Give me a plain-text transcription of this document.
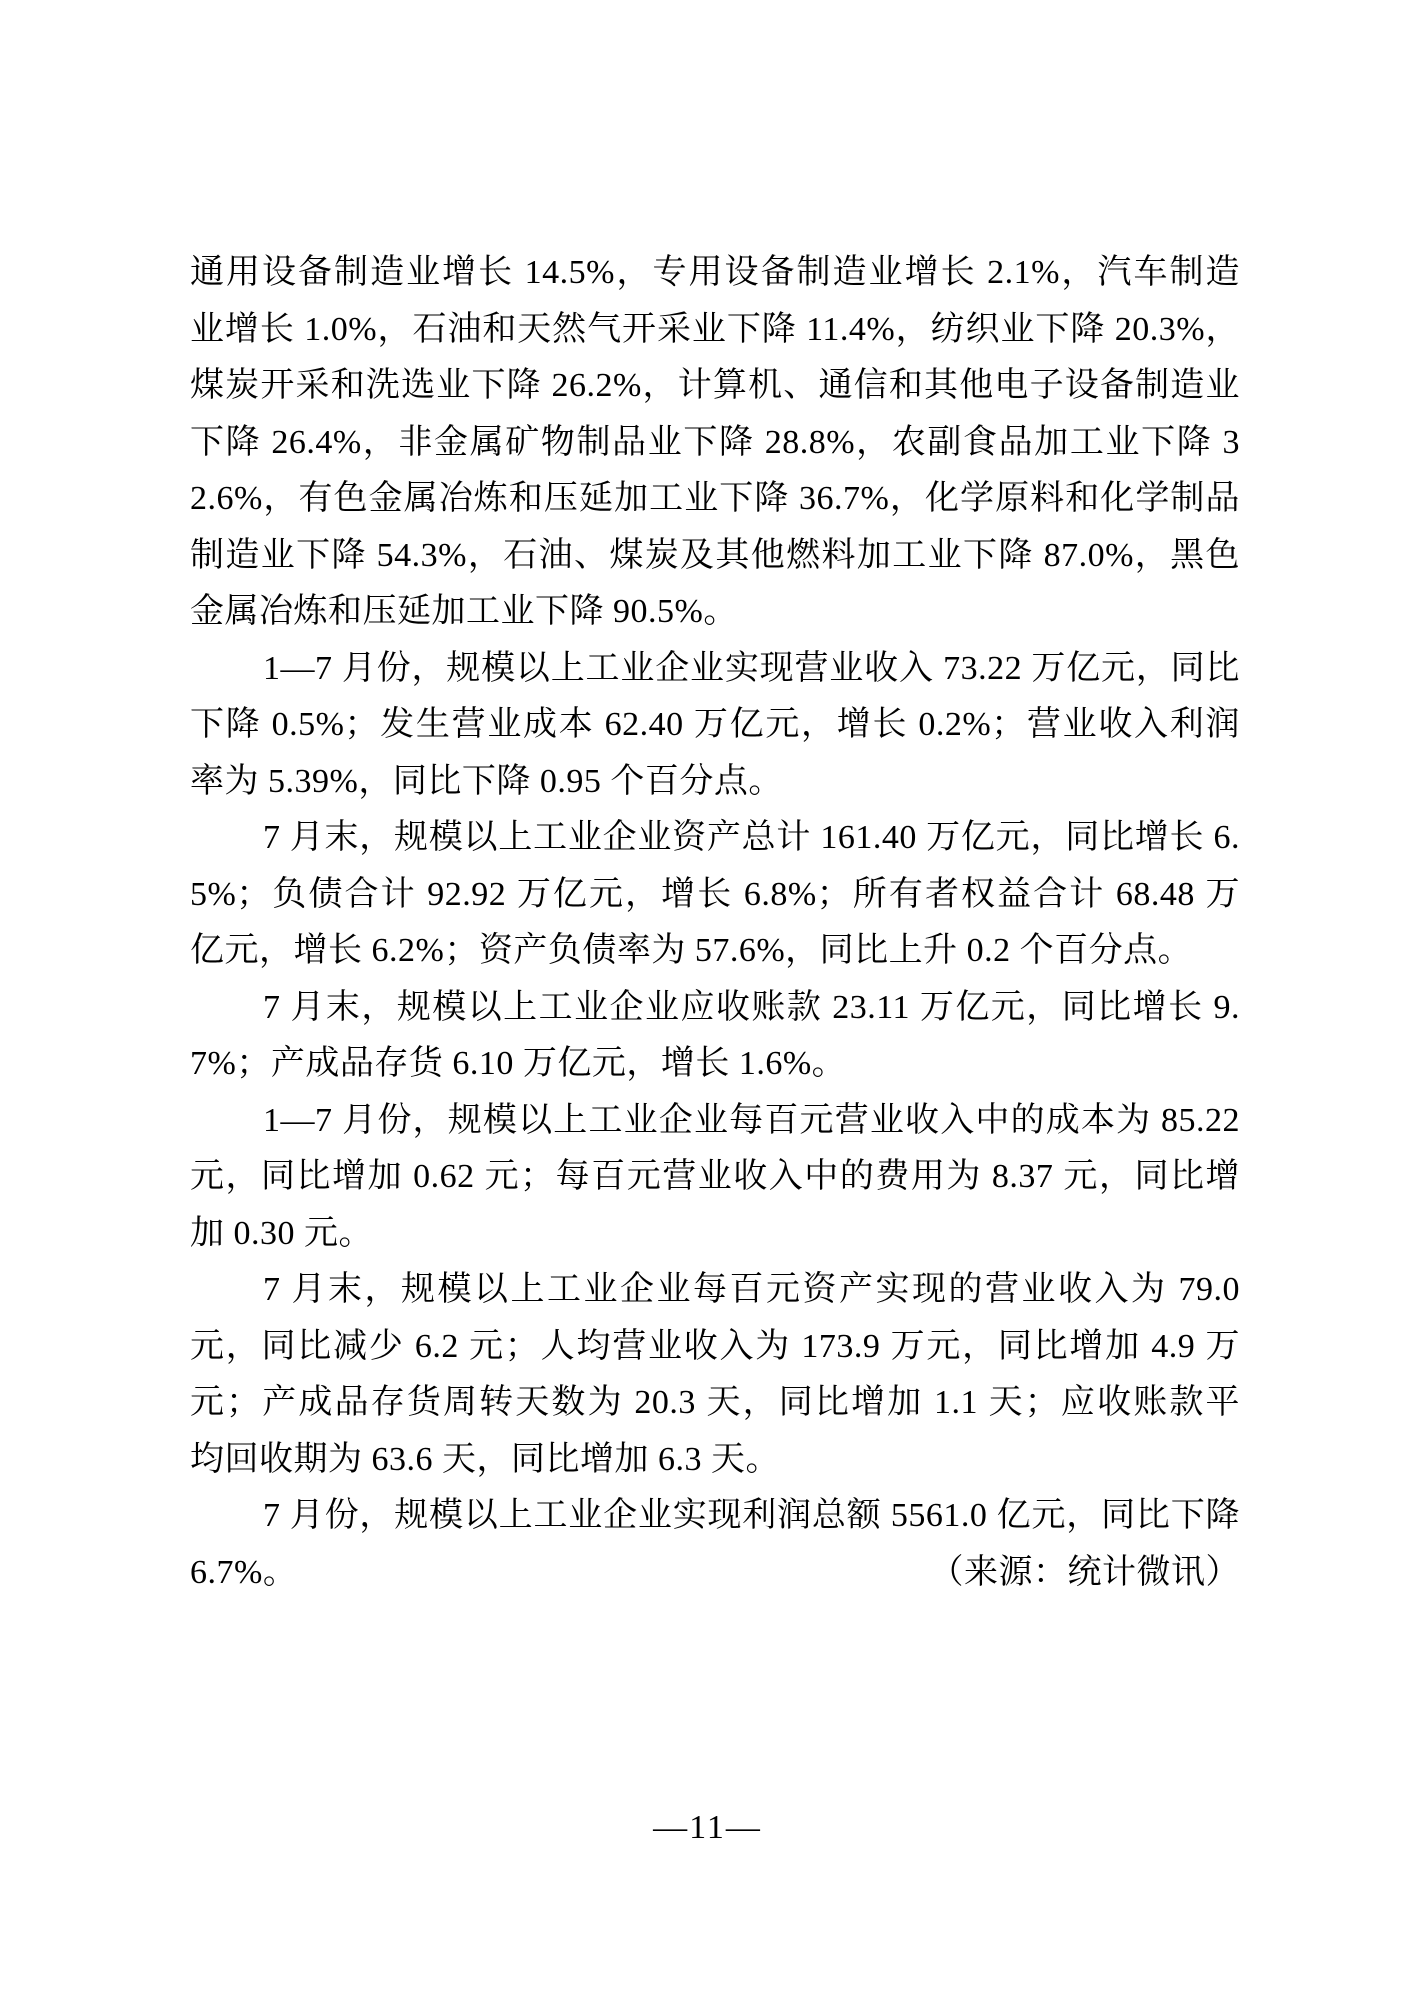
通用设备制造业增长 14.5%，专用设备制造业增长 2.1%，汽车制造
业增长 1.0%，石油和天然气开采业下降 11.4%，纺织业下降 20.3%，
煤炭开采和洗选业下降 26.2%，计算机、通信和其他电子设备制造业
下降 26.4%，非金属矿物制品业下降 28.8%，农副食品加工业下降 3
2.6%，有色金属冶炼和压延加工业下降 36.7%，化学原料和化学制品
制造业下降 54.3%，石油、煤炭及其他燃料加工业下降 87.0%，黑色
金属冶炼和压延加工业下降 90.5%。
1—7 月份，规模以上工业企业实现营业收入 73.22 万亿元，同比
下降 0.5%；发生营业成本 62.40 万亿元，增长 0.2%；营业收入利润
率为 5.39%，同比下降 0.95 个百分点。
7 月末，规模以上工业企业资产总计 161.40 万亿元，同比增长 6.
5%；负债合计 92.92 万亿元，增长 6.8%；所有者权益合计 68.48 万
亿元，增长 6.2%；资产负债率为 57.6%，同比上升 0.2 个百分点。
7 月末，规模以上工业企业应收账款 23.11 万亿元，同比增长 9.
7%；产成品存货 6.10 万亿元，增长 1.6%。
1—7 月份，规模以上工业企业每百元营业收入中的成本为 85.22
元，同比增加 0.62 元；每百元营业收入中的费用为 8.37 元，同比增
加 0.30 元。
7 月末，规模以上工业企业每百元资产实现的营业收入为 79.0
元，同比减少 6.2 元；人均营业收入为 173.9 万元，同比增加 4.9 万
元；产成品存货周转天数为 20.3 天，同比增加 1.1 天；应收账款平
均回收期为 63.6 天，同比增加 6.3 天。
7 月份，规模以上工业企业实现利润总额 5561.0 亿元，同比下降
6.7%。	（来源：统计微讯）
—11—
